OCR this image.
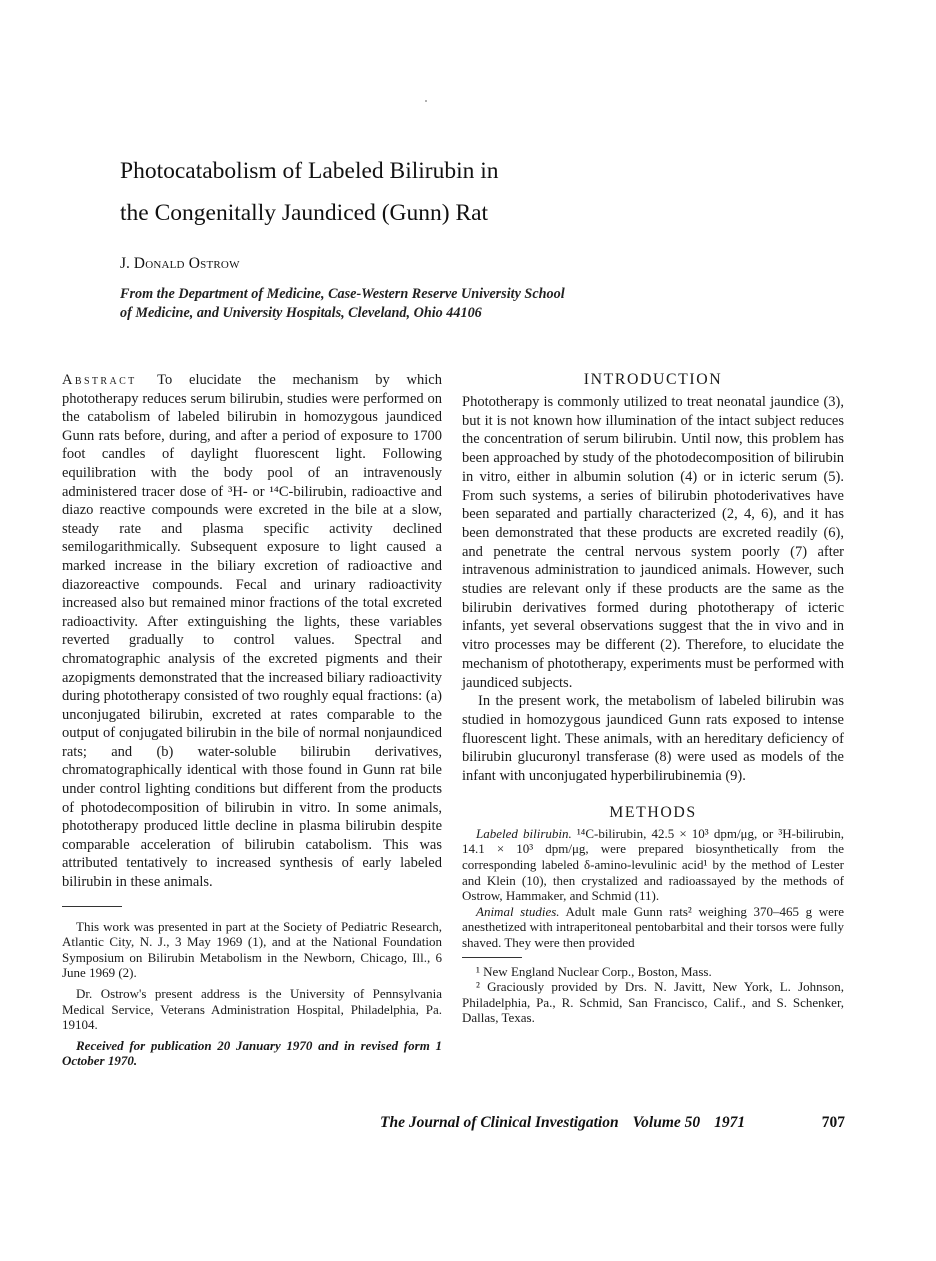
Photocatabolism of Labeled Bilirubin in
the Congenitally Jaundiced (Gunn) Rat
J. Donald Ostrow
From the Department of Medicine, Case-Western Reserve University School
of Medicine, and University Hospitals, Cleveland, Ohio 44106

Abstract To elucidate the mechanism by which phototherapy reduces serum bilirubin, studies were performed on the catabolism of labeled bilirubin in homozygous jaundiced Gunn rats before, during, and after a period of exposure to 1700 foot candles of daylight fluorescent light. Following equilibration with the body pool of an intravenously administered tracer dose of ³H- or ¹⁴C-bilirubin, radioactive and diazo reactive compounds were excreted in the bile at a slow, steady rate and plasma specific activity declined semilogarithmically. Subsequent exposure to light caused a marked increase in the biliary excretion of radioactive and diazoreactive compounds. Fecal and urinary radioactivity increased also but remained minor fractions of the total excreted radioactivity. After extinguishing the lights, these variables reverted gradually to control values. Spectral and chromatographic analysis of the excreted pigments and their azopigments demonstrated that the increased biliary radioactivity during phototherapy consisted of two roughly equal fractions: (a) unconjugated bilirubin, excreted at rates comparable to the output of conjugated bilirubin in the bile of normal nonjaundiced rats; and (b) water-soluble bilirubin derivatives, chromatographically identical with those found in Gunn rat bile under control lighting conditions but different from the products of photodecomposition of bilirubin in vitro. In some animals, phototherapy produced little decline in plasma bilirubin despite comparable acceleration of bilirubin catabolism. This was attributed tentatively to increased synthesis of early labeled bilirubin in these animals.

This work was presented in part at the Society of Pediatric Research, Atlantic City, N. J., 3 May 1969 (1), and at the National Foundation Symposium on Bilirubin Metabolism in the Newborn, Chicago, Ill., 6 June 1969 (2).

Dr. Ostrow's present address is the University of Pennsylvania Medical Service, Veterans Administration Hospital, Philadelphia, Pa. 19104.

Received for publication 20 January 1970 and in revised form 1 October 1970.

INTRODUCTION

Phototherapy is commonly utilized to treat neonatal jaundice (3), but it is not known how illumination of the intact subject reduces the concentration of serum bilirubin. Until now, this problem has been approached by study of the photodecomposition of bilirubin in vitro, either in albumin solution (4) or in icteric serum (5). From such systems, a series of bilirubin photoderivatives have been separated and partially characterized (2, 4, 6), and it has been demonstrated that these products are excreted readily (6), and penetrate the central nervous system poorly (7) after intravenous administration to jaundiced animals. However, such studies are relevant only if these products are the same as the bilirubin derivatives formed during phototherapy of icteric infants, yet several observations suggest that the in vivo and in vitro processes may be different (2). Therefore, to elucidate the mechanism of phototherapy, experiments must be performed with jaundiced subjects.

In the present work, the metabolism of labeled bilirubin was studied in homozygous jaundiced Gunn rats exposed to intense fluorescent light. These animals, with an hereditary deficiency of bilirubin glucuronyl transferase (8) were used as models of the infant with unconjugated hyperbilirubinemia (9).

METHODS

Labeled bilirubin. ¹⁴C-bilirubin, 42.5 × 10³ dpm/μg, or ³H-bilirubin, 14.1 × 10³ dpm/μg, were prepared biosynthetically from the corresponding labeled δ-amino-levulinic acid¹ by the method of Lester and Klein (10), then crystalized and radioassayed by the methods of Ostrow, Hammaker, and Schmid (11).

Animal studies. Adult male Gunn rats² weighing 370–465 g were anesthetized with intraperitoneal pentobarbital and their torsos were fully shaved. They were then provided

¹ New England Nuclear Corp., Boston, Mass.

² Graciously provided by Drs. N. Javitt, New York, L. Johnson, Philadelphia, Pa., R. Schmid, San Francisco, Calif., and S. Schenker, Dallas, Texas.

The Journal of Clinical Investigation Volume 50 1971	707
